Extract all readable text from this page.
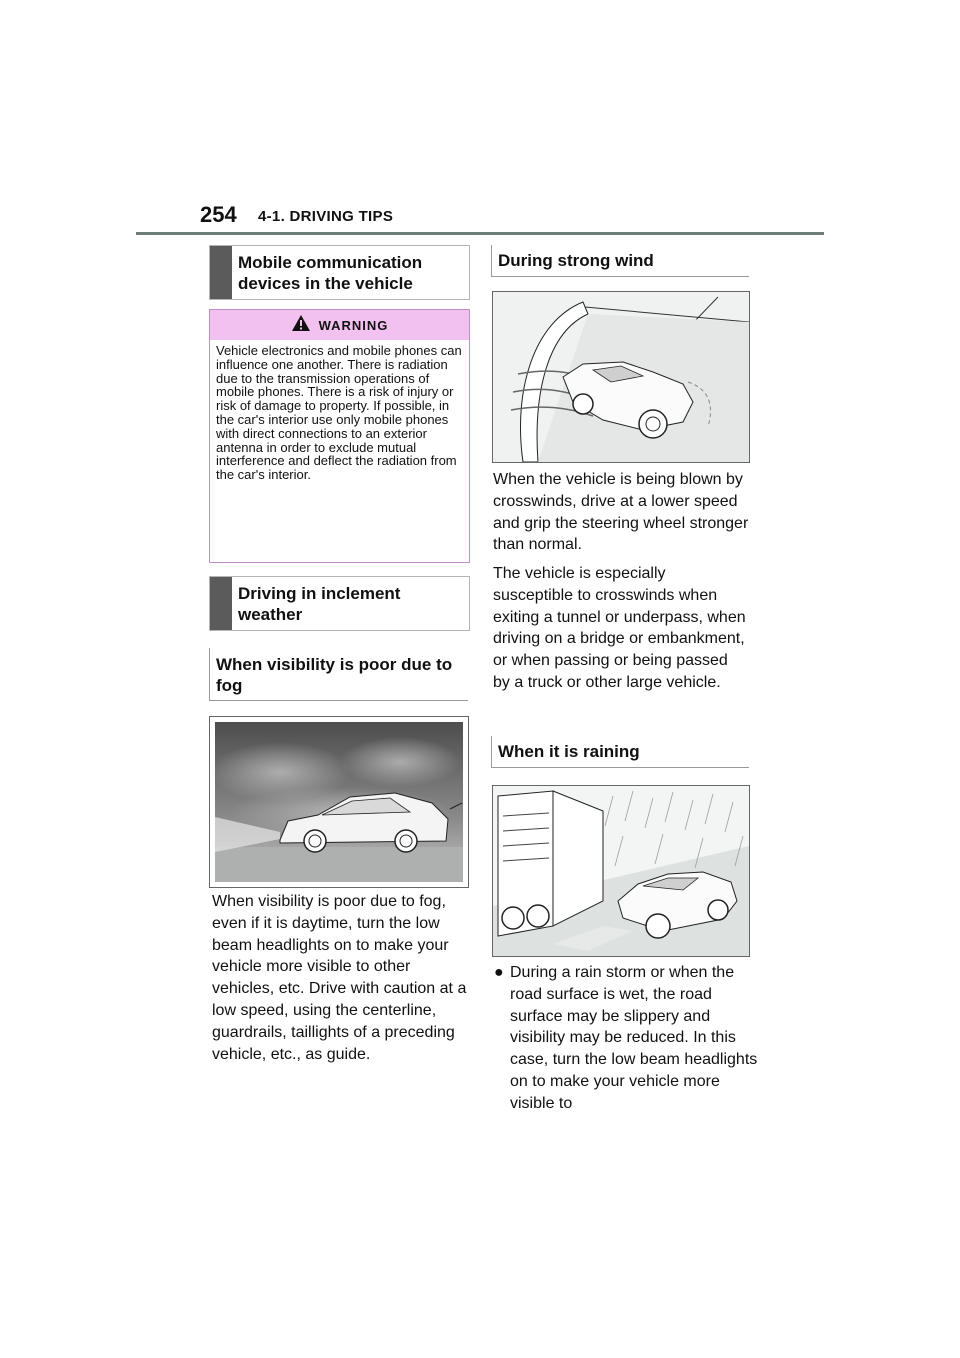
254 4-1. DRIVING TIPS
Mobile communication devices in the vehicle
WARNING
Vehicle electronics and mobile phones can influence one another. There is radiation due to the transmission operations of mobile phones. There is a risk of injury or risk of damage to property. If possible, in the car's interior use only mobile phones with direct connections to an exterior antenna in order to exclude mutual interference and deflect the radiation from the car's interior.
Driving in inclement weather
When visibility is poor due to fog

When visibility is poor due to fog, even if it is daytime, turn the low beam headlights on to make your vehicle more visible to other vehicles, etc. Drive with caution at a low speed, using the centerline, guardrails, taillights of a preceding vehicle, etc., as guide.

During strong wind

When the vehicle is being blown by crosswinds, drive at a lower speed and grip the steering wheel stronger than normal.

The vehicle is especially susceptible to crosswinds when exiting a tunnel or underpass, when driving on a bridge or embankment, or when passing or being passed by a truck or other large vehicle.

When it is raining
● During a rain storm or when the road surface is wet, the road surface may be slippery and visibility may be reduced. In this case, turn the low beam headlights on to make your vehicle more visible to
